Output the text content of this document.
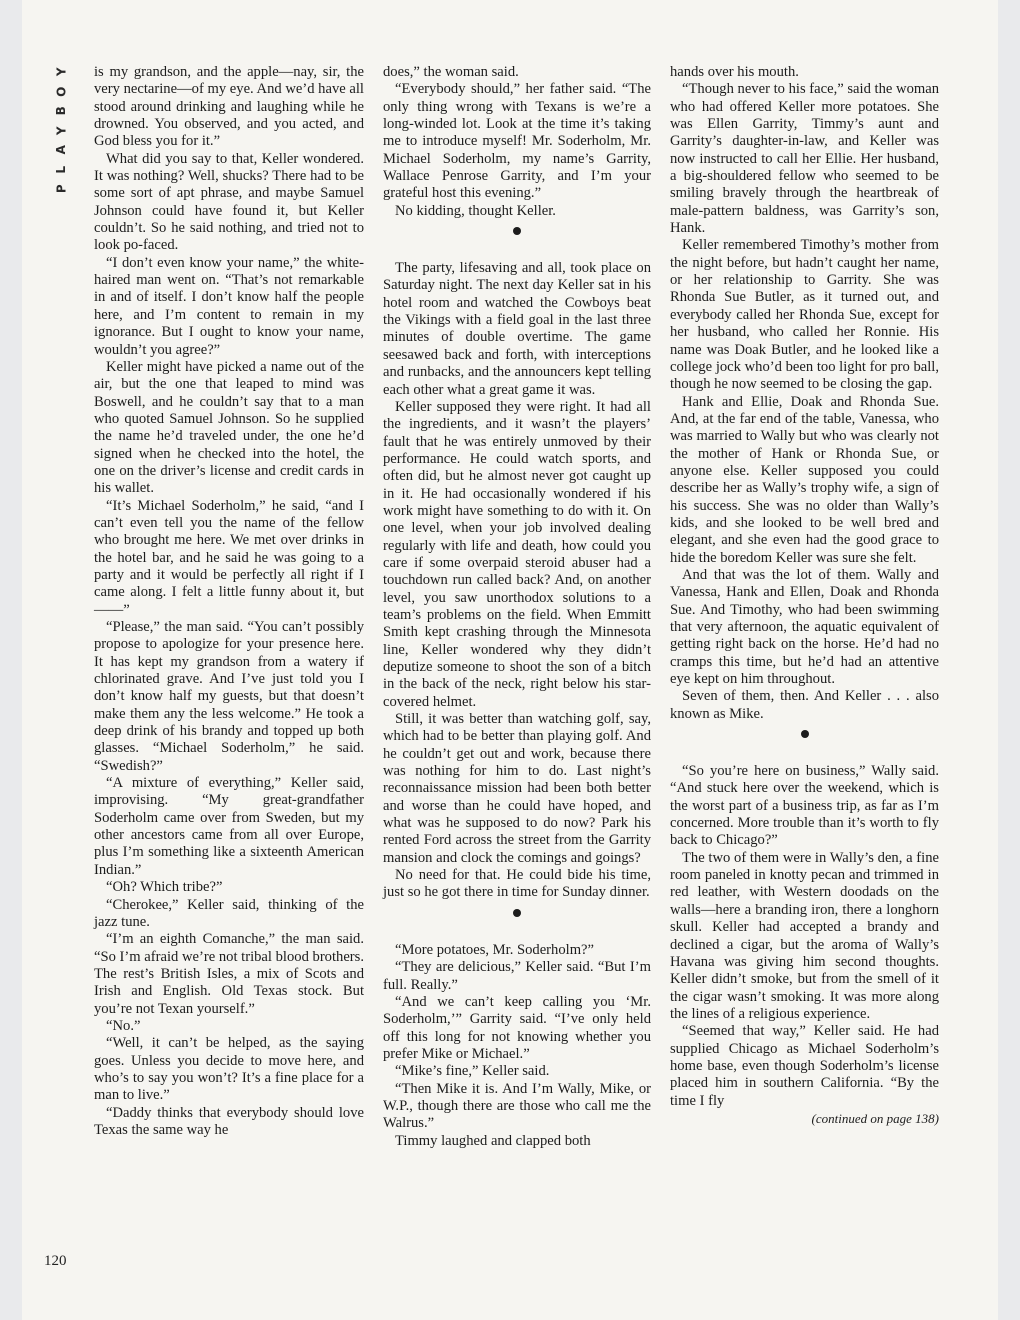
Y
O
B
Y
A
L
P
120

is my grandson, and the apple—nay, sir, the very nectarine—of my eye. And we’d have all stood around drinking and laughing while he drowned. You observed, and you acted, and God bless you for it.”

What did you say to that, Keller wondered. It was nothing? Well, shucks? There had to be some sort of apt phrase, and maybe Samuel Johnson could have found it, but Keller couldn’t. So he said nothing, and tried not to look po-faced.

“I don’t even know your name,” the white-haired man went on. “That’s not remarkable in and of itself. I don’t know half the people here, and I’m content to remain in my ignorance. But I ought to know your name, wouldn’t you agree?”

Keller might have picked a name out of the air, but the one that leaped to mind was Boswell, and he couldn’t say that to a man who quoted Samuel Johnson. So he supplied the name he’d traveled under, the one he’d signed when he checked into the hotel, the one on the driver’s license and credit cards in his wallet.

“It’s Michael Soderholm,” he said, “and I can’t even tell you the name of the fellow who brought me here. We met over drinks in the hotel bar, and he said he was going to a party and it would be perfectly all right if I came along. I felt a little funny about it, but——”

“Please,” the man said. “You can’t possibly propose to apologize for your presence here. It has kept my grandson from a watery if chlorinated grave. And I’ve just told you I don’t know half my guests, but that doesn’t make them any the less welcome.” He took a deep drink of his brandy and topped up both glasses. “Michael Soderholm,” he said. “Swedish?”

“A mixture of everything,” Keller said, improvising. “My great-grandfather Soderholm came over from Sweden, but my other ancestors came from all over Europe, plus I’m something like a sixteenth American Indian.”

“Oh? Which tribe?”

“Cherokee,” Keller said, thinking of the jazz tune.

“I’m an eighth Comanche,” the man said. “So I’m afraid we’re not tribal blood brothers. The rest’s British Isles, a mix of Scots and Irish and English. Old Texas stock. But you’re not Texan yourself.”

“No.”

“Well, it can’t be helped, as the saying goes. Unless you decide to move here, and who’s to say you won’t? It’s a fine place for a man to live.”

“Daddy thinks that everybody should love Texas the same way he

does,” the woman said.

“Everybody should,” her father said. “The only thing wrong with Texans is we’re a long-winded lot. Look at the time it’s taking me to introduce myself! Mr. Soderholm, Mr. Michael Soderholm, my name’s Garrity, Wallace Penrose Garrity, and I’m your grateful host this evening.”

No kidding, thought Keller.

The party, lifesaving and all, took place on Saturday night. The next day Keller sat in his hotel room and watched the Cowboys beat the Vikings with a field goal in the last three minutes of double overtime. The game seesawed back and forth, with interceptions and runbacks, and the announcers kept telling each other what a great game it was.

Keller supposed they were right. It had all the ingredients, and it wasn’t the players’ fault that he was entirely unmoved by their performance. He could watch sports, and often did, but he almost never got caught up in it. He had occasionally wondered if his work might have something to do with it. On one level, when your job involved dealing regularly with life and death, how could you care if some overpaid steroid abuser had a touchdown run called back? And, on another level, you saw unorthodox solutions to a team’s problems on the field. When Emmitt Smith kept crashing through the Minnesota line, Keller wondered why they didn’t deputize someone to shoot the son of a bitch in the back of the neck, right below his star-covered helmet.

Still, it was better than watching golf, say, which had to be better than playing golf. And he couldn’t get out and work, because there was nothing for him to do. Last night’s reconnaissance mission had been both better and worse than he could have hoped, and what was he supposed to do now? Park his rented Ford across the street from the Garrity mansion and clock the comings and goings?

No need for that. He could bide his time, just so he got there in time for Sunday dinner.

“More potatoes, Mr. Soderholm?”

“They are delicious,” Keller said. “But I’m full. Really.”

“And we can’t keep calling you ‘Mr. Soderholm,’” Garrity said. “I’ve only held off this long for not knowing whether you prefer Mike or Michael.”

“Mike’s fine,” Keller said.

“Then Mike it is. And I’m Wally, Mike, or W.P., though there are those who call me the Walrus.”

Timmy laughed and clapped both

hands over his mouth.

“Though never to his face,” said the woman who had offered Keller more potatoes. She was Ellen Garrity, Timmy’s aunt and Garrity’s daughter-in-law, and Keller was now instructed to call her Ellie. Her husband, a big-shouldered fellow who seemed to be smiling bravely through the heartbreak of male-pattern baldness, was Garrity’s son, Hank.

Keller remembered Timothy’s mother from the night before, but hadn’t caught her name, or her relationship to Garrity. She was Rhonda Sue Butler, as it turned out, and everybody called her Rhonda Sue, except for her husband, who called her Ronnie. His name was Doak Butler, and he looked like a college jock who’d been too light for pro ball, though he now seemed to be closing the gap.

Hank and Ellie, Doak and Rhonda Sue. And, at the far end of the table, Vanessa, who was married to Wally but who was clearly not the mother of Hank or Rhonda Sue, or anyone else. Keller supposed you could describe her as Wally’s trophy wife, a sign of his success. She was no older than Wally’s kids, and she looked to be well bred and elegant, and she even had the good grace to hide the boredom Keller was sure she felt.

And that was the lot of them. Wally and Vanessa, Hank and Ellen, Doak and Rhonda Sue. And Timothy, who had been swimming that very afternoon, the aquatic equivalent of getting right back on the horse. He’d had no cramps this time, but he’d had an attentive eye kept on him throughout.

Seven of them, then. And Keller . . . also known as Mike.

“So you’re here on business,” Wally said. “And stuck here over the weekend, which is the worst part of a business trip, as far as I’m concerned. More trouble than it’s worth to fly back to Chicago?”

The two of them were in Wally’s den, a fine room paneled in knotty pecan and trimmed in red leather, with Western doodads on the walls—here a branding iron, there a longhorn skull. Keller had accepted a brandy and declined a cigar, but the aroma of Wally’s Havana was giving him second thoughts. Keller didn’t smoke, but from the smell of it the cigar wasn’t smoking. It was more along the lines of a religious experience.

“Seemed that way,” Keller said. He had supplied Chicago as Michael Soderholm’s home base, even though Soderholm’s license placed him in southern California. “By the time I fly

(continued on page 138)
